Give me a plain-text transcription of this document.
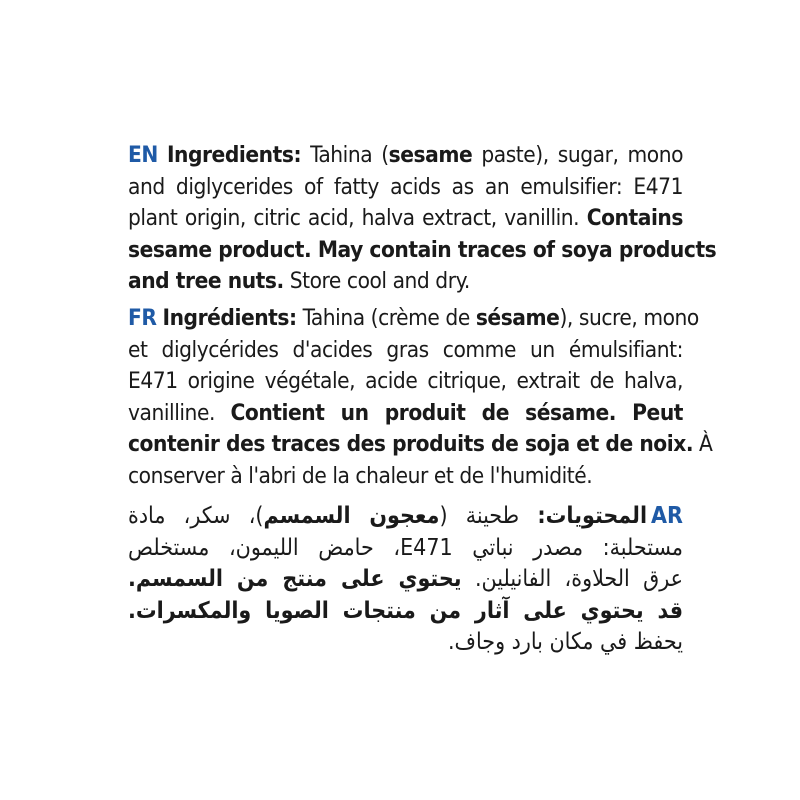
EN Ingredients: Tahina (sesame paste), sugar, mono
and diglycerides of fatty acids as an emulsifier: E471
plant origin, citric acid, halva extract, vanillin. Contains
sesame product. May contain traces of soya products
and tree nuts. Store cool and dry.
FR Ingrédients: Tahina (crème de sésame), sucre, mono
et diglycérides d'acides gras comme un émulsifiant:
E471 origine végétale, acide citrique, extrait de halva,
vanilline. Contient un produit de sésame. Peut
contenir des traces des produits de soja et de noix. À
conserver à l'abri de la chaleur et de l'humidité.
ARالمحتويات: طحينة (معجون السمسم)، سكر، مادة
مستحلبة: مصدر نباتي E471، حامض الليمون، مستخلص
عرق الحلاوة، الفانيلين. يحتوي على منتج من السمسم.
قد يحتوي على آثار من منتجات الصويا والمكسرات.
يحفظ في مكان بارد وجاف.
